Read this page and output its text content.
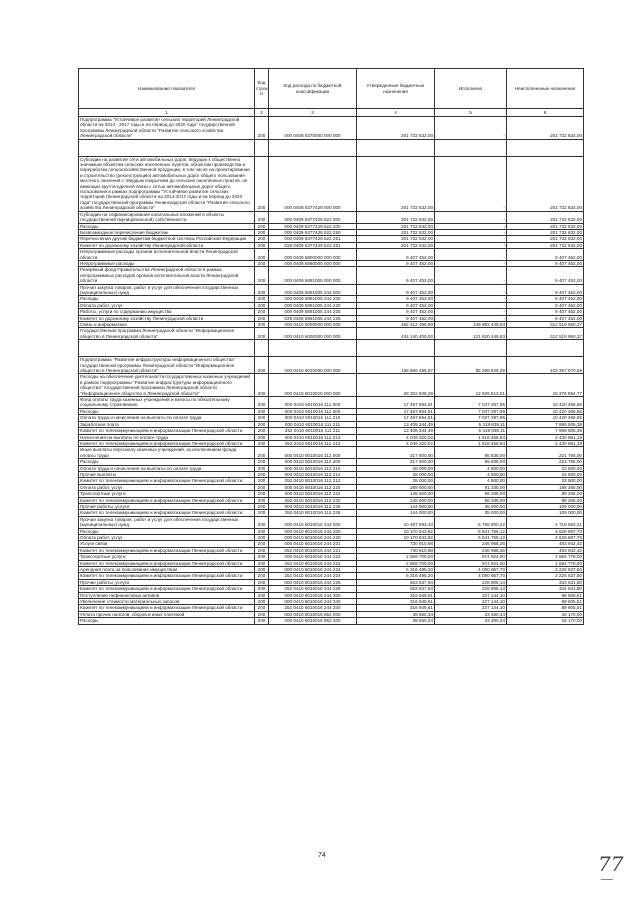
Наименование показателя	Код строк и	Код расхода по бюджетной классификации	Утвержденные бюджетные назначения	Исполнено	Неисполненные назначения
1	2	3	4	5	6
Подпрограмма "Устойчивое развитие сельских территорий Ленинградской области на 2014 - 2017 годы и на период до 2020 года" государственной программы Ленинградской области "Развитие сельского хозяйства Ленинградской области"	200	000 0409 6370000 000 000	201 732 632,00	-	201 732 632,00

Субсидии на развитие сети автомобильных дорог, ведущих к общественно значимым объектам сельских населенных пунктов, объектам производства и переработки сельскохозяйственной продукции, в том числе на проектирование и строительство (реконструкцию) автомобильных дорог общего пользования местного значения с твердым покрытием до сельских населенных пунктов, не имеющих круглогодичной связи с сетью автомобильных дорог общего пользования в рамках подпрограммы "Устойчивое развитие сельских территорий Ленинградской области на 2014-2017 годы и на период до 2020 года" государственной программы Ленинградской области "Развитие сельского хозяйства Ленинградской области"	200	000 0409 6377429 000 000	201 732 632,00	-	201 732 632,00
Субсидии на софинансирование капитальных вложений в объекты государственной (муниципальной) собственности	200	000 0409 6377429 522 000	201 732 632,00	-	201 732 632,00
Расходы	200	000 0409 6377429 522 200	201 732 632,00	-	201 732 632,00
Безвозмездные перечисления бюджетам	200	000 0409 6377429 522 250	201 732 632,00	-	201 732 632,00
Перечисления другим бюджетам бюджетной системы Российской Федерации	200	000 0409 6377429 522 251	201 732 632,00	-	201 732 632,00
Комитет по дорожному хозяйству Ленинградской области	200	029 0409 6377429 522 251	201 732 632,00	-	201 732 632,00
Непрограммные расходы органов исполнительной власти Ленинградской области	200	000 0409 6800000 000 000	9 407 452,00	-	9 407 452,00
Непрограммные расходы	200	000 0409 6890000 000 000	9 407 452,00	-	9 407 452,00
Резервный фонд Правительства Ленинградской области в рамках непрограммных расходов органов исполнительной власти Ленинградской области	200	000 0409 6891005 000 000	9 407 452,00	-	9 407 452,00
Прочая закупка товаров, работ и услуг для обеспечения государственных (муниципальных) нужд	200	000 0409 6891005 244 000	9 407 452,00	-	9 407 452,00
Расходы	200	000 0409 6891005 244 200	9 407 452,00	-	9 407 452,00
Оплата работ, услуг	200	000 0409 6891005 244 220	9 407 452,00	-	9 407 452,00
Работы, услуги по содержанию имущества	200	000 0409 6891005 244 225	9 407 452,00	-	9 407 452,00
Комитет по дорожному хозяйству Ленинградской области	200	029 0409 6891005 244 225	9 407 452,00	-	9 407 452,00
Связь и информатика	200	000 0410 0000000 000 000	462 412 499,80	149 892 449,63	312 519 550,37
Государственная программа Ленинградской области "Информационное общество в Ленинградской области"	200	000 0410 6000000 000 000	434 140 400,00	121 620 449,63	312 519 950,37

Подпрограмма "Развитие инфраструктуры информационного общества" государственной программы Ленинградской области "Информационное общество в Ленинградской области"	200	000 0410 6010000 000 000	156 656 499,97	55 298 829,29	103 357 670,68
Расходы на обеспечение деятельности государственных казенных учреждений в рамках подпрограммы "Развитие инфраструктуры информационного общества" государственной программы Ленинградской области "Информационное общество в Ленинградской области"	200	000 0410 6010016 000 000	28 302 508,28	12 925 513,51	15 376 994,77
Фонд оплаты труда казенных учреждений и взносы по обязательному социальному страхованию	200	000 0410 6010016 111 000	17 457 664,51	7 037 297,95	10 420 366,56
Расходы	200	000 0410 6010016 111 200	17 457 664,51	7 037 297,95	10 420 366,56
Оплата труда и начисления на выплаты по оплате труда	200	000 0410 6010016 111 210	17 457 664,51	7 037 297,95	10 420 366,56
Заработная плата	200	000 0410 6010016 111 211	13 408 344,49	5 418 839,11	7 989 505,38
Комитет по телекоммуникациям и информатизации Ленинградской области	200	252 0410 6010016 111 211	13 408 344,49	5 418 839,11	7 989 505,38
Начисления на выплаты по оплате труда	200	000 0410 6010016 111 213	4 049 320,02	1 618 458,84	2 430 861,18
Комитет по телекоммуникациям и информатизации Ленинградской области	200	252 0410 6010016 111 213	4 049 320,02	1 618 458,84	2 430 861,18
Иные выплаты персоналу казенных учреждений, за исключением фонда оплаты труда	200	000 0410 6010016 112 000	317 600,00	95 835,00	221 765,00
Расходы	200	000 0410 6010016 112 200	317 600,00	95 835,00	221 765,00
Оплата труда и начисления на выплаты по оплате труда	200	000 0410 6010016 112 210	28 000,00	4 500,00	23 500,00
Прочие выплаты	200	000 0410 6010016 112 212	28 000,00	4 500,00	23 500,00
Комитет по телекоммуникациям и информатизации Ленинградской области	200	252 0410 6010016 112 212	28 000,00	4 500,00	23 500,00
Оплата работ, услуг	200	000 0410 6010016 112 220	289 600,00	91 335,00	198 265,00
Транспортные услуги	200	000 0410 6010016 112 222	145 600,00	56 335,00	89 265,00
Комитет по телекоммуникациям и информатизации Ленинградской области	200	252 0410 6010016 112 222	145 600,00	56 335,00	89 265,00
Прочие работы, услуги	200	000 0410 6010016 112 226	144 000,00	35 000,00	109 000,00
Комитет по телекоммуникациям и информатизации Ленинградской области	200	252 0410 6010016 112 226	144 000,00	35 000,00	109 000,00
Прочая закупка товаров, работ и услуг для обеспечения государственных (муниципальных) нужд	200	000 0410 6010016 244 000	10 487 593,43	5 768 900,22	4 718 693,21
Расходы	200	000 0410 6010016 244 200	10 170 643,82	5 541 756,12	4 628 887,70
Оплата работ, услуг	200	000 0410 6010016 244 220	10 170 643,82	5 541 756,12	4 628 887,70
Услуги связи	200	000 0410 6010016 244 221	730 910,68	246 968,26	483 942,42
Комитет по телекоммуникациям и информатизации Ленинградской области	200	252 0410 6010016 244 221	730 910,68	246 968,26	483 942,42
Транспортные услуги	200	000 0410 6010016 244 222	2 559 700,00	974 924,00	1 584 776,00
Комитет по телекоммуникациям и информатизации Ленинградской области	200	252 0410 6010016 244 222	2 559 700,00	974 924,00	1 584 776,00
Арендная плата за пользование имуществом	200	000 0410 6010016 244 224	6 316 495,20	4 090 957,70	2 225 537,50
Комитет по телекоммуникациям и информатизации Ленинградской области	200	252 0410 6010016 244 224	6 316 495,20	4 090 957,70	2 225 537,50
Прочие работы, услуги	200	000 0410 6010016 244 226	563 537,94	228 906,14	334 631,80
Комитет по телекоммуникациям и информатизации Ленинградской области	200	252 0410 6010016 244 226	563 537,94	228 906,14	334 631,80
Поступление нефинансовых активов	200	000 0410 6010016 244 300	316 949,61	227 144,10	89 805,51
Увеличение стоимости материальных запасов	200	000 0410 6010016 244 340	316 949,61	227 144,10	89 805,51
Комитет по телекоммуникациям и информатизации Ленинградской области	200	252 0410 6010016 244 340	316 949,61	227 144,10	89 805,51
Уплата прочих налогов, сборов и иных платежей	200	000 0410 6010016 852 000	39 650,34	23 480,34	16 170,00
Расходы	200	000 0410 6010016 852 200	39 650,34	23 480,34	16 170,00
74	77
